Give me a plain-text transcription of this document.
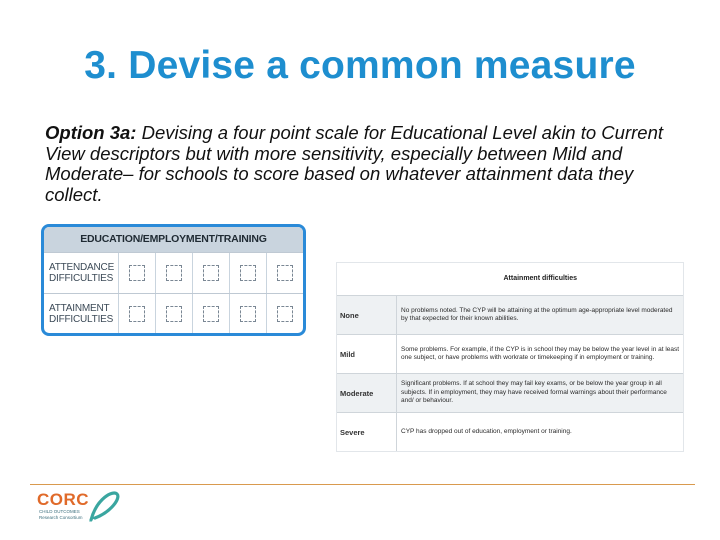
3. Devise a common measure
Option 3a: Devising a four point scale for Educational Level akin to Current View descriptors but with more sensitivity, especially between Mild and Moderate– for schools to score based on whatever attainment data they collect.
EDUCATION/EMPLOYMENT/TRAINING
ATTENDANCE DIFFICULTIES
ATTAINMENT DIFFICULTIES
	Attainment difficulties
None	No problems noted. The CYP will be attaining at the optimum age-appropriate level moderated by that expected for their known abilities.
Mild	Some problems. For example, if the CYP is in school they may be below the year level in at least one subject, or have problems with workrate or timekeeping if in employment or training.
Moderate	Significant problems. If at school they may fail key exams, or be below the year group in all subjects. If in employment, they may have received formal warnings about their performance and/ or behaviour.
Severe	CYP has dropped out of education, employment or training.
CORC
CHILD OUTCOMES Research Consortium
